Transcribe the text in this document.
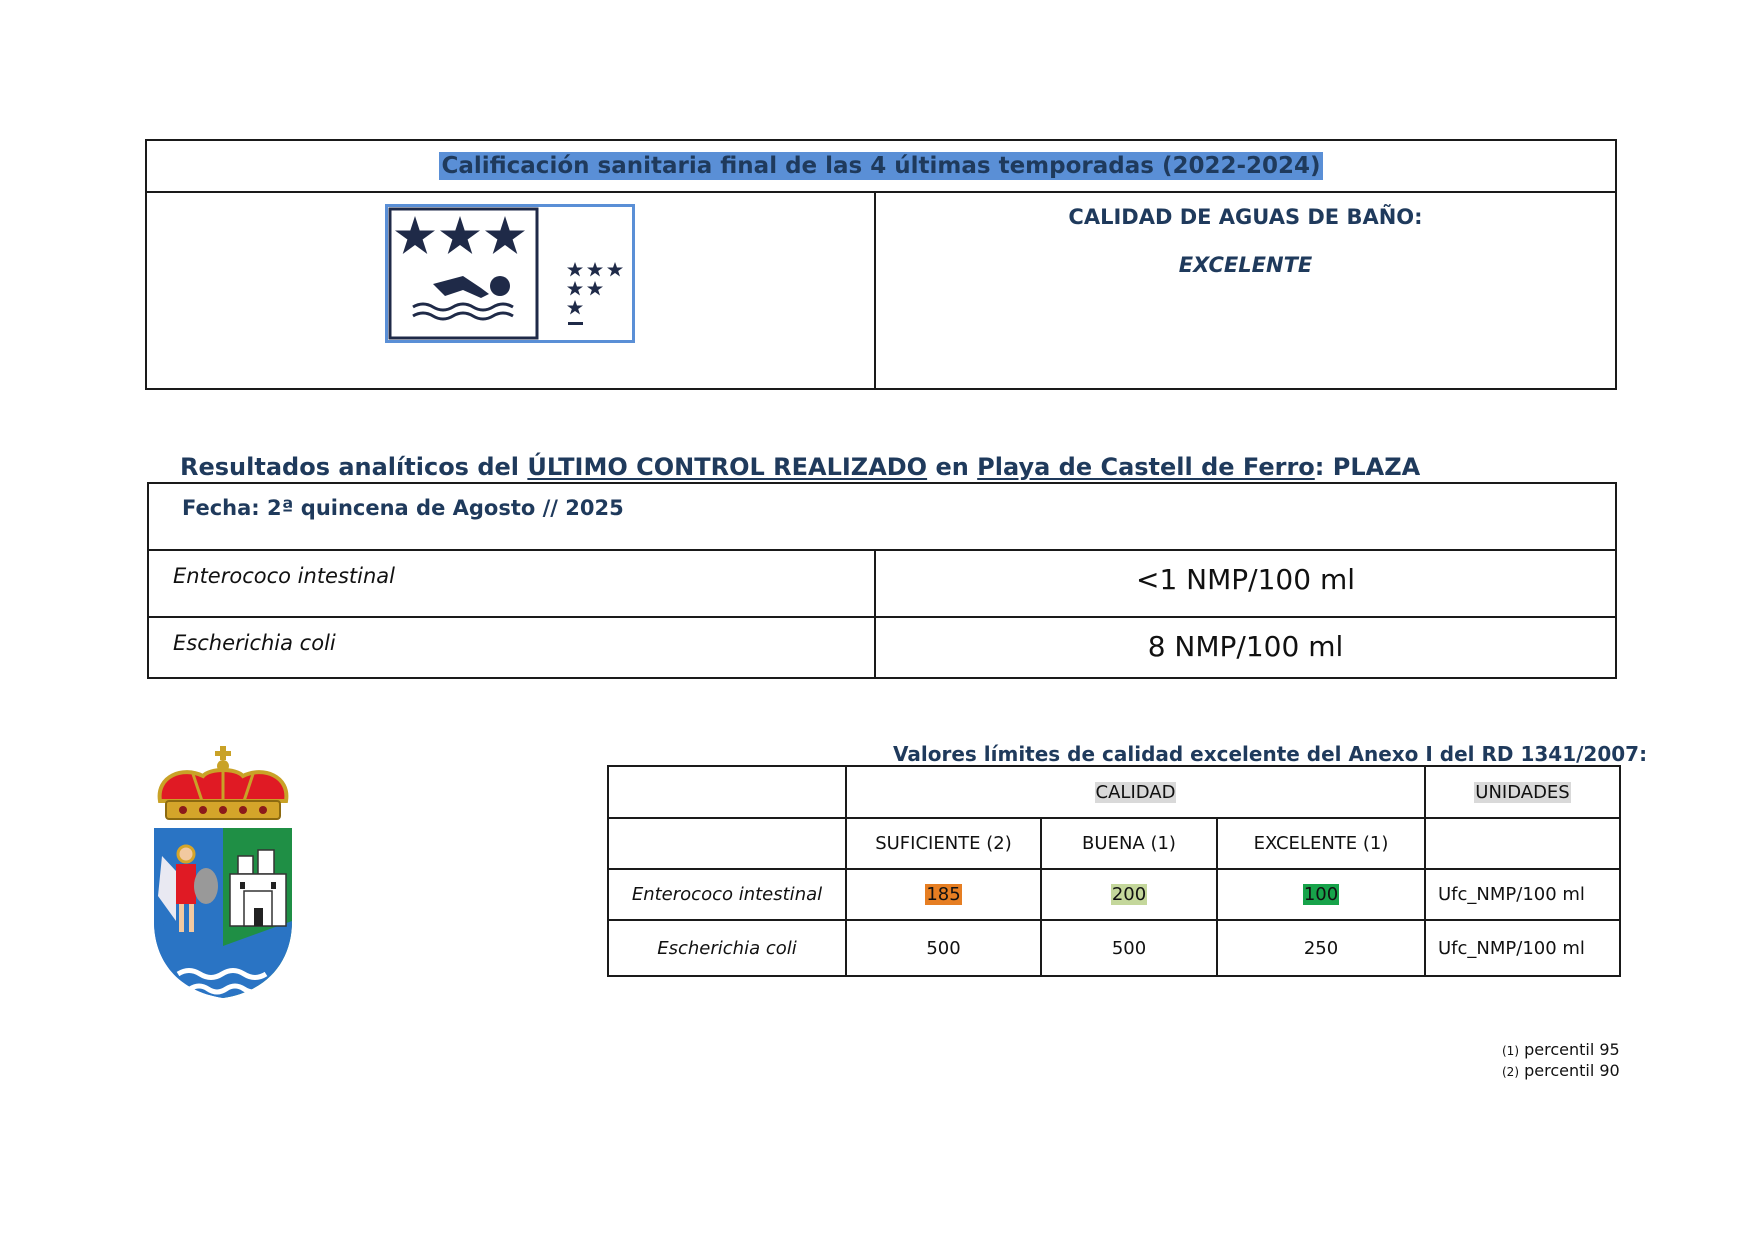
Calificación sanitaria final de las 4 últimas temporadas (2022-2024)
CALIDAD DE AGUAS DE BAÑO:
EXCELENTE
Resultados analíticos del ÚLTIMO CONTROL REALIZADO en Playa de Castell de Ferro: PLAZA
Fecha: 2ª quincena de Agosto // 2025
Enterococo intestinal	<1 NMP/100 ml
Escherichia coli	8 NMP/100 ml
Valores límites de calidad excelente del Anexo I del RD 1341/2007:
	CALIDAD			UNIDADES
	SUFICIENTE (2)	BUENA (1)	EXCELENTE (1)	
Enterococo intestinal	185	200	100	Ufc_NMP/100 ml
Escherichia coli	500	500	250	Ufc_NMP/100 ml
(1) percentil 95
(2) percentil 90
